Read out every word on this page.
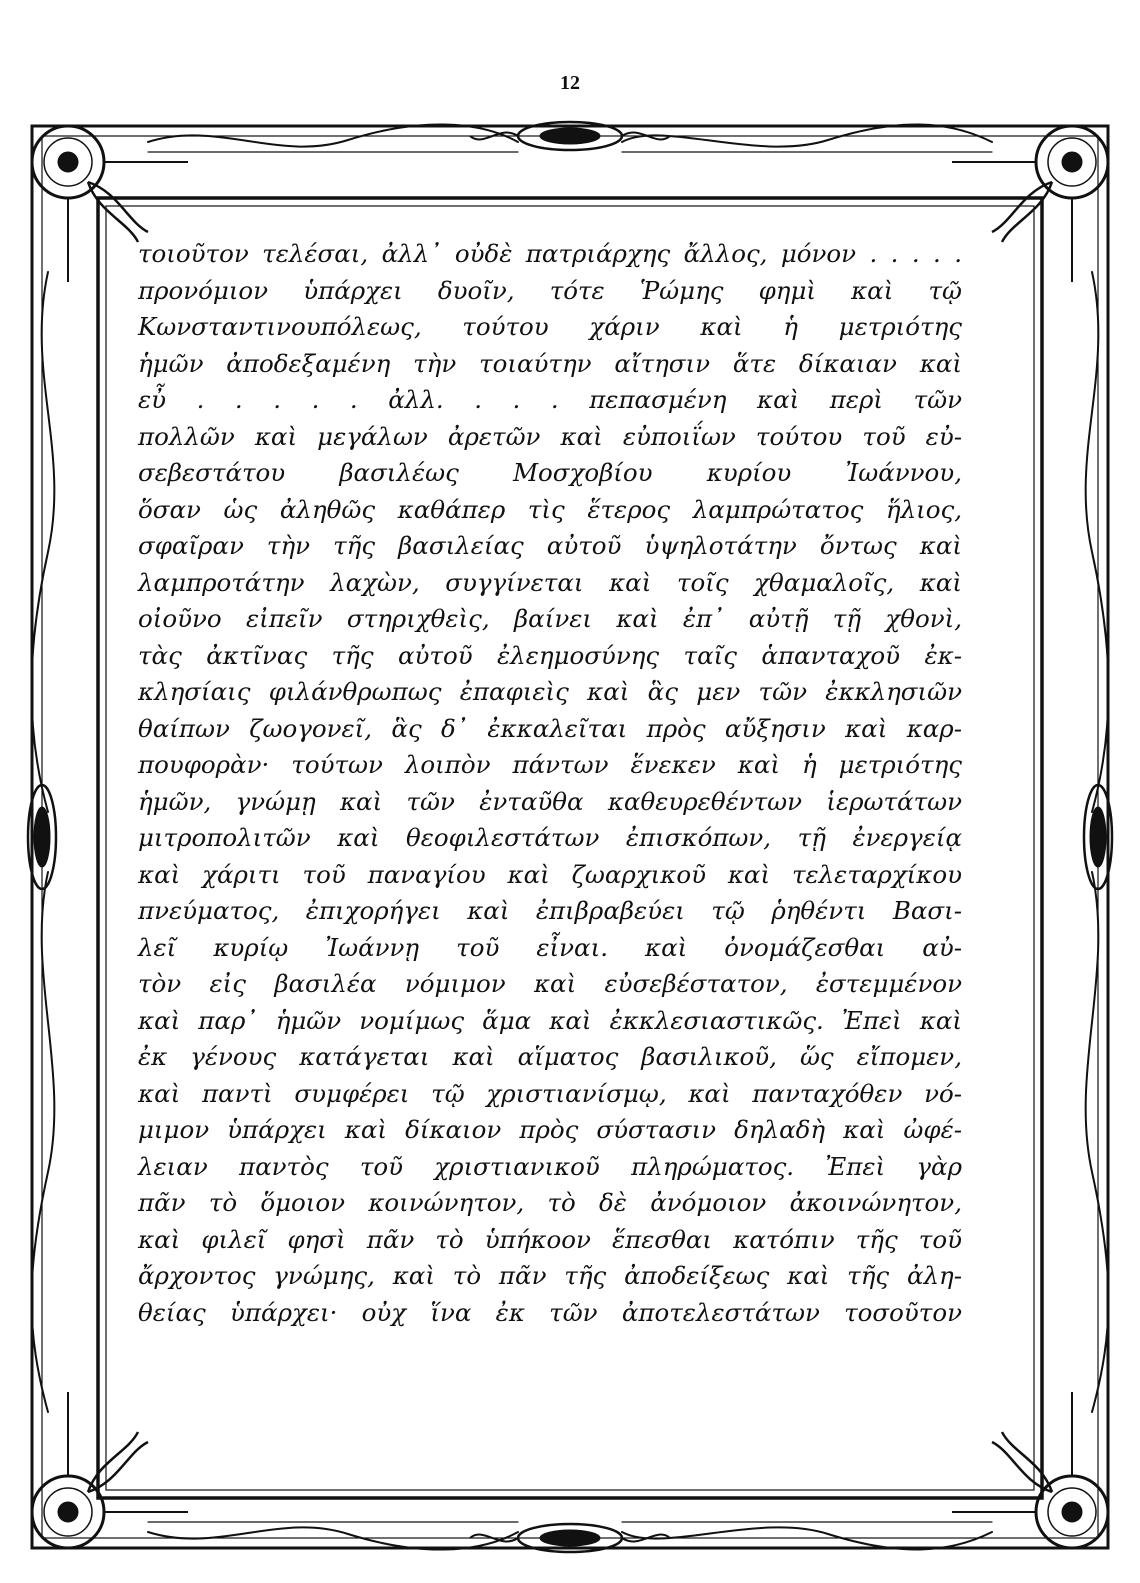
12
τοιοῦτον τελέσαι, ἀλλ᾽ οὐδὲ πατριάρχης ἄλλος, μόνον . . . . .
προνόμιον ὑπάρχει δυοῖν, τότε Ῥώμης φημὶ καὶ τῷ
Κωνσταντινουπόλεως, τούτου χάριν καὶ ἡ μετριότης
ἡμῶν ἀποδεξαμένη τὴν τοιαύτην αἴτησιν ἅτε δίκαιαν καὶ
εὖ . . . . . ἀλλ. . . . πεπασμένη καὶ περὶ τῶν
πολλῶν καὶ μεγάλων ἀρετῶν καὶ εὐποιΐων τούτου τοῦ εὐ-
σεβεστάτου βασιλέως Μοσχοβίου κυρίου Ἰωάννου,
ὅσαν ὡς ἀληθῶς καθάπερ τὶς ἕτερος λαμπρώτατος ἥλιος,
σφαῖραν τὴν τῆς βασιλείας αὐτοῦ ὑψηλοτάτην ὄντως καὶ
λαμπροτάτην λαχὼν, συγγίνεται καὶ τοῖς χθαμαλοῖς, καὶ
οἰοῦνο εἰπεῖν στηριχθεὶς, βαίνει καὶ ἐπ᾽ αὐτῇ τῇ χθονὶ,
τὰς ἀκτῖνας τῆς αὐτοῦ ἐλεημοσύνης ταῖς ἁπανταχοῦ ἐκ-
κλησίαις φιλάνθρωπως ἐπαφιεὶς καὶ ἃς μεν τῶν ἐκκλησιῶν
θαίπων ζωογονεῖ, ἃς δ᾽ ἐκκαλεῖται πρὸς αὔξησιν καὶ καρ-
πουφορὰν· τούτων λοιπὸν πάντων ἕνεκεν καὶ ἡ μετριότης
ἡμῶν, γνώμῃ καὶ τῶν ἐνταῦθα καθευρεθέντων ἱερωτάτων
μιτροπολιτῶν καὶ θεοφιλεστάτων ἐπισκόπων, τῇ ἐνεργείᾳ
καὶ χάριτι τοῦ παναγίου καὶ ζωαρχικοῦ καὶ τελεταρχίκου
πνεύματος, ἐπιχορήγει καὶ ἐπιβραβεύει τῷ ῥηθέντι Βασι-
λεῖ κυρίῳ Ἰωάννῃ τοῦ εἶναι. καὶ ὀνομάζεσθαι αὐ-
τὸν εἰς βασιλέα νόμιμον καὶ εὐσεβέστατον, ἐστεμμένον
καὶ παρ᾽ ἡμῶν νομίμως ἅμα καὶ ἐκκλεσιαστικῶς. Ἐπεὶ καὶ
ἐκ γένους κατάγεται καὶ αἵματος βασιλικοῦ, ὥς εἴπομεν,
καὶ παντὶ συμφέρει τῷ χριστιανίσμῳ, καὶ πανταχόθεν νό-
μιμον ὑπάρχει καὶ δίκαιον πρὸς σύστασιν δηλαδὴ καὶ ὠφέ-
λειαν παντὸς τοῦ χριστιανικοῦ πληρώματος. Ἐπεὶ γὰρ
πᾶν τὸ ὅμοιον κοινώνητον, τὸ δὲ ἀνόμοιον ἀκοινώνητον,
καὶ φιλεῖ φησὶ πᾶν τὸ ὑπήκοον ἕπεσθαι κατόπιν τῆς τοῦ
ἄρχοντος γνώμης, καὶ τὸ πᾶν τῆς ἀποδείξεως καὶ τῆς ἀλη-
θείας ὑπάρχει· οὐχ ἵνα ἐκ τῶν ἀποτελεστάτων τοσοῦτον
